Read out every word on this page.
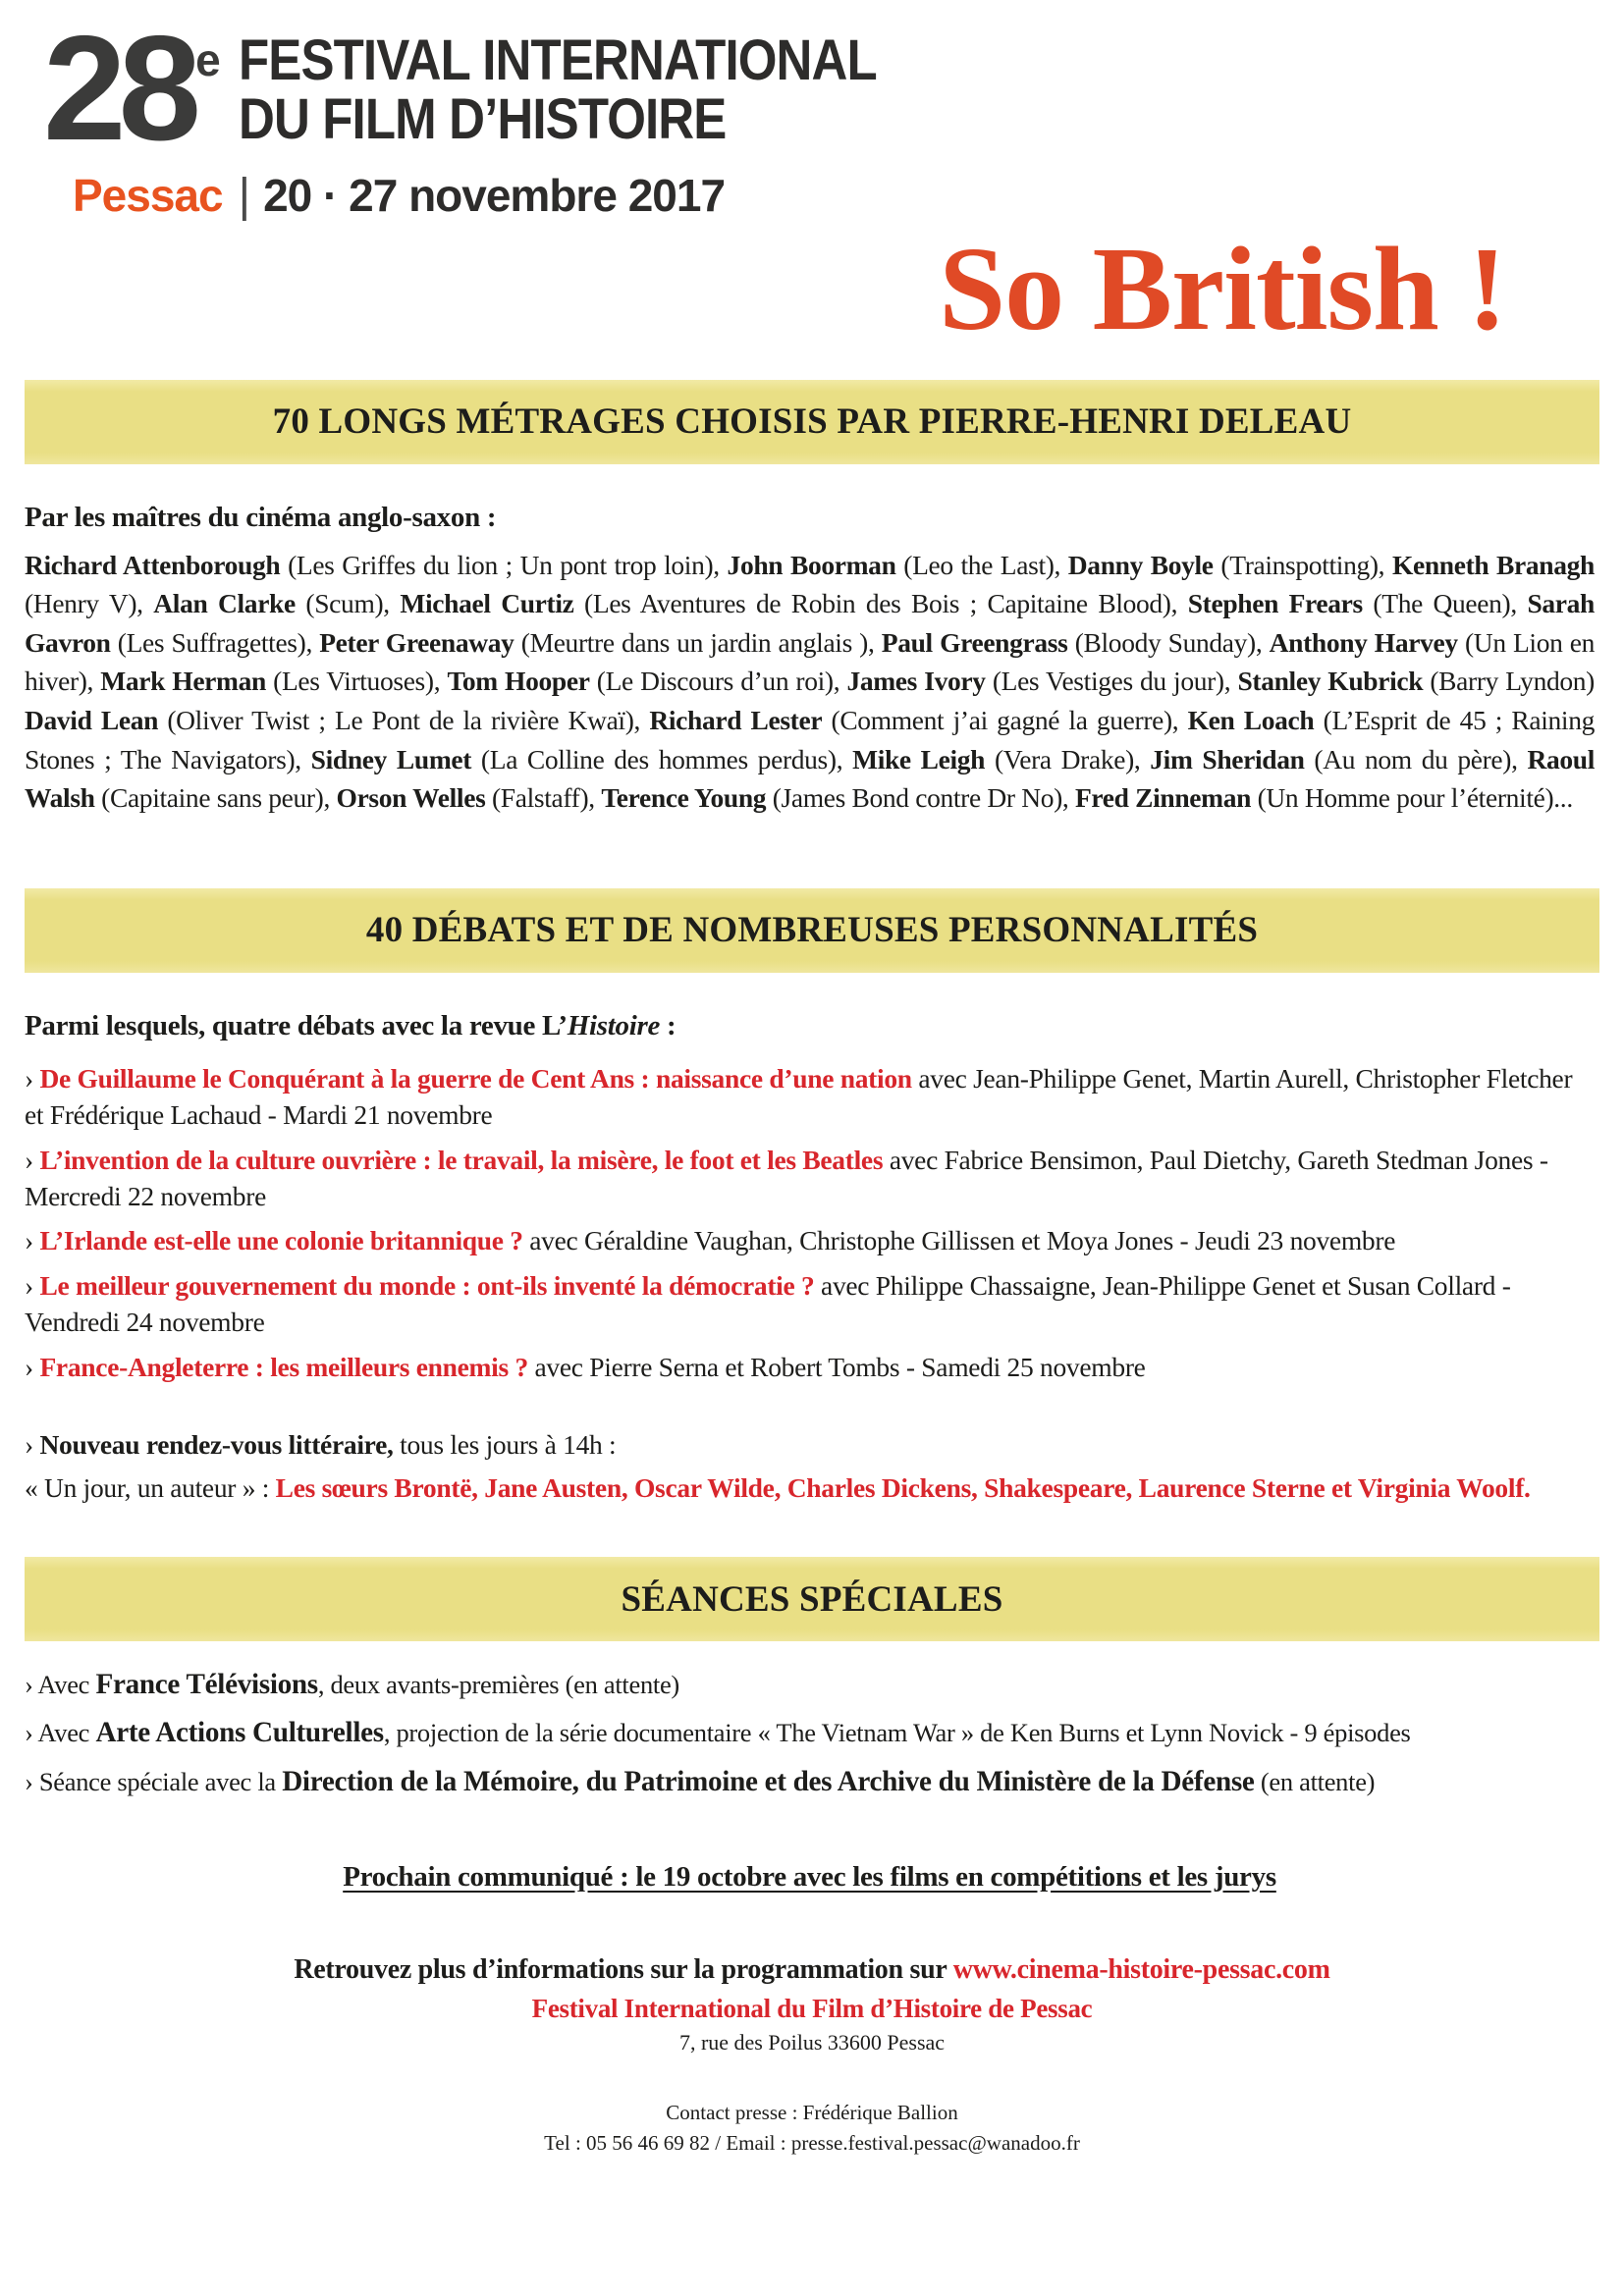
28 e FESTIVAL INTERNATIONAL
DU FILM D’HISTOIRE
Pessac | 20 · 27 novembre 2017
So British !
70 LONGS MÉTRAGES CHOISIS PAR PIERRE-HENRI DELEAU
Par les maîtres du cinéma anglo-saxon :
Richard Attenborough (Les Griffes du lion ; Un pont trop loin), John Boorman (Leo the Last), Danny Boyle (Trainspotting), Kenneth Branagh (Henry V), Alan Clarke (Scum), Michael Curtiz (Les Aventures de Robin des Bois ; Capitaine Blood), Stephen Frears (The Queen), Sarah Gavron (Les Suffragettes), Peter Greenaway (Meurtre dans un jardin anglais ), Paul Greengrass (Bloody Sunday), Anthony Harvey (Un Lion en hiver), Mark Herman (Les Virtuoses), Tom Hooper (Le Discours d’un roi), James Ivory (Les Vestiges du jour), Stanley Kubrick (Barry Lyndon) David Lean (Oliver Twist ; Le Pont de la rivière Kwaï), Richard Lester (Comment j’ai gagné la guerre), Ken Loach (L’Esprit de 45 ; Raining Stones ; The Navigators), Sidney Lumet (La Colline des hommes perdus), Mike Leigh (Vera Drake), Jim Sheridan (Au nom du père), Raoul Walsh (Capitaine sans peur), Orson Welles (Falstaff), Terence Young (James Bond contre Dr No), Fred Zinneman (Un Homme pour l’éternité)...
40 DÉBATS ET DE NOMBREUSES PERSONNALITÉS
Parmi lesquels, quatre débats avec la revue L’Histoire :
› De Guillaume le Conquérant à la guerre de Cent Ans : naissance d’une nation avec Jean-Philippe Genet, Martin Aurell, Christopher Fletcher et Frédérique Lachaud - Mardi 21 novembre
› L’invention de la culture ouvrière : le travail, la misère, le foot et les Beatles avec Fabrice Bensimon, Paul Dietchy, Gareth Stedman Jones - Mercredi 22 novembre
› L’Irlande est-elle une colonie britannique ? avec Géraldine Vaughan, Christophe Gillissen et Moya Jones - Jeudi 23 novembre
› Le meilleur gouvernement du monde : ont-ils inventé la démocratie ? avec Philippe Chassaigne, Jean-Philippe Genet et Susan Collard - Vendredi 24 novembre
› France-Angleterre : les meilleurs ennemis ? avec Pierre Serna et Robert Tombs - Samedi 25 novembre
› Nouveau rendez-vous littéraire, tous les jours à 14h :
« Un jour, un auteur » : Les sœurs Brontë, Jane Austen, Oscar Wilde, Charles Dickens, Shakespeare, Laurence Sterne et Virginia Woolf.
SÉANCES SPÉCIALES
› Avec France Télévisions, deux avants-premières (en attente)
› Avec Arte Actions Culturelles, projection de la série documentaire « The Vietnam War » de Ken Burns et Lynn Novick - 9 épisodes
› Séance spéciale avec la Direction de la Mémoire, du Patrimoine et des Archive du Ministère de la Défense (en attente)
Prochain communiqué : le 19 octobre avec les films en compétitions et les jurys
Retrouvez plus d’informations sur la programmation sur www.cinema-histoire-pessac.com
Festival International du Film d’Histoire de Pessac
7, rue des Poilus 33600 Pessac
Contact presse : Frédérique Ballion
Tel : 05 56 46 69 82 / Email : presse.festival.pessac@wanadoo.fr
